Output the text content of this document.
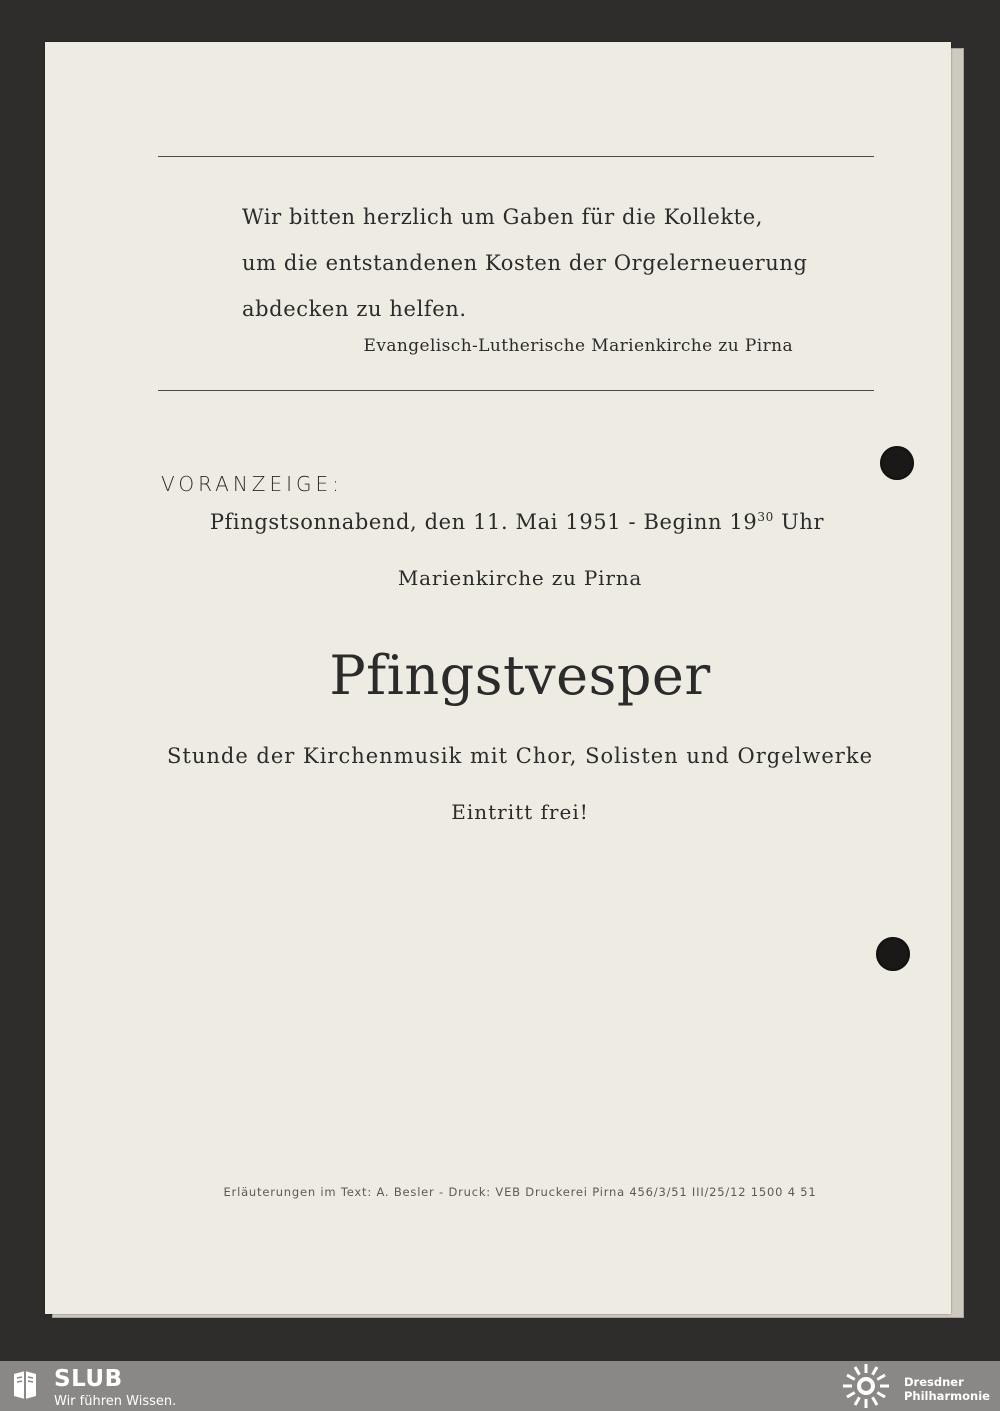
Wir bitten herzlich um Gaben für die Kollekte,
um die entstandenen Kosten der Orgelerneuerung
abdecken zu helfen.
Evangelisch-Lutherische Marienkirche zu Pirna
VORANZEIGE:
Pfingstsonnabend, den 11. Mai 1951 - Beginn $19^{30}$ Uhr
Marienkirche zu Pirna
Pfingstvesper
Stunde der Kirchenmusik mit Chor, Solisten und Orgelwerke
Eintritt frei!
Erläuterungen im Text: A. Besler - Druck: VEB Druckerei Pirna 456/3/51 III/25/12 1500 4 51
SLUB
Wir führen Wissen.
Dresdner
Philharmonie
